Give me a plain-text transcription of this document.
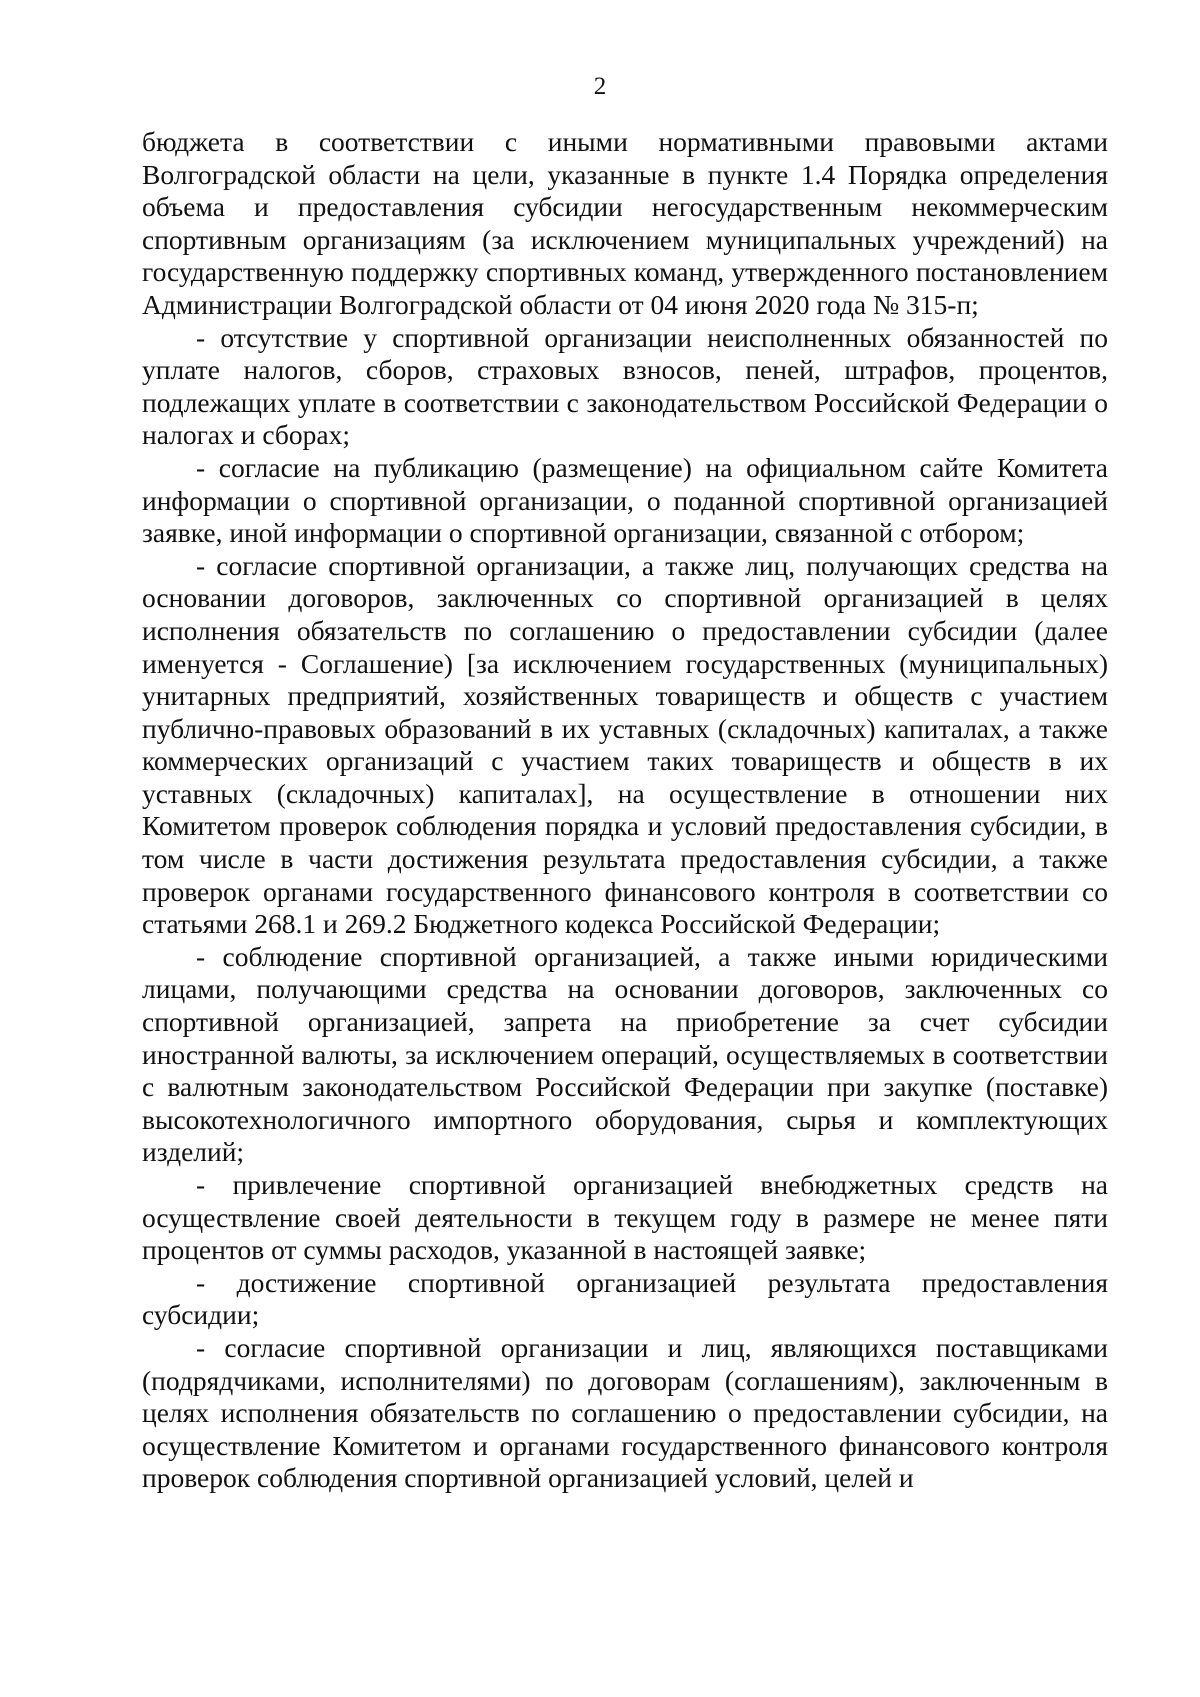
2

бюджета в соответствии с иными нормативными правовыми актами Волгоградской области на цели, указанные в пункте 1.4 Порядка определения объема и предоставления субсидии негосударственным некоммерческим спортивным организациям (за исключением муниципальных учреждений) на государственную поддержку спортивных команд, утвержденного постановлением Администрации Волгоградской области от 04 июня 2020 года № 315-п;

- отсутствие у спортивной организации неисполненных обязанностей по уплате налогов, сборов, страховых взносов, пеней, штрафов, процентов, подлежащих уплате в соответствии с законодательством Российской Федерации о налогах и сборах;

- согласие на публикацию (размещение) на официальном сайте Комитета информации о спортивной организации, о поданной спортивной организацией заявке, иной информации о спортивной организации, связанной с отбором;

- согласие спортивной организации, а также лиц, получающих средства на основании договоров, заключенных со спортивной организацией в целях исполнения обязательств по соглашению о предоставлении субсидии (далее именуется - Соглашение) [за исключением государственных (муниципальных) унитарных предприятий, хозяйственных товариществ и обществ с участием публично-правовых образований в их уставных (складочных) капиталах, а также коммерческих организаций с участием таких товариществ и обществ в их уставных (складочных) капиталах], на осуществление в отношении них Комитетом проверок соблюдения порядка и условий предоставления субсидии, в том числе в части достижения результата предоставления субсидии, а также проверок органами государственного финансового контроля в соответствии со статьями 268.1 и 269.2 Бюджетного кодекса Российской Федерации;

- соблюдение спортивной организацией, а также иными юридическими лицами, получающими средства на основании договоров, заключенных со спортивной организацией, запрета на приобретение за счет субсидии иностранной валюты, за исключением операций, осуществляемых в соответствии с валютным законодательством Российской Федерации при закупке (поставке) высокотехнологичного импортного оборудования, сырья и комплектующих изделий;

- привлечение спортивной организацией внебюджетных средств на осуществление своей деятельности в текущем году в размере не менее пяти процентов от суммы расходов, указанной в настоящей заявке;

- достижение спортивной организацией результата предоставления субсидии;

- согласие спортивной организации и лиц, являющихся поставщиками (подрядчиками, исполнителями) по договорам (соглашениям), заключенным в целях исполнения обязательств по соглашению о предоставлении субсидии, на осуществление Комитетом и органами государственного финансового контроля проверок соблюдения спортивной организацией условий, целей и
